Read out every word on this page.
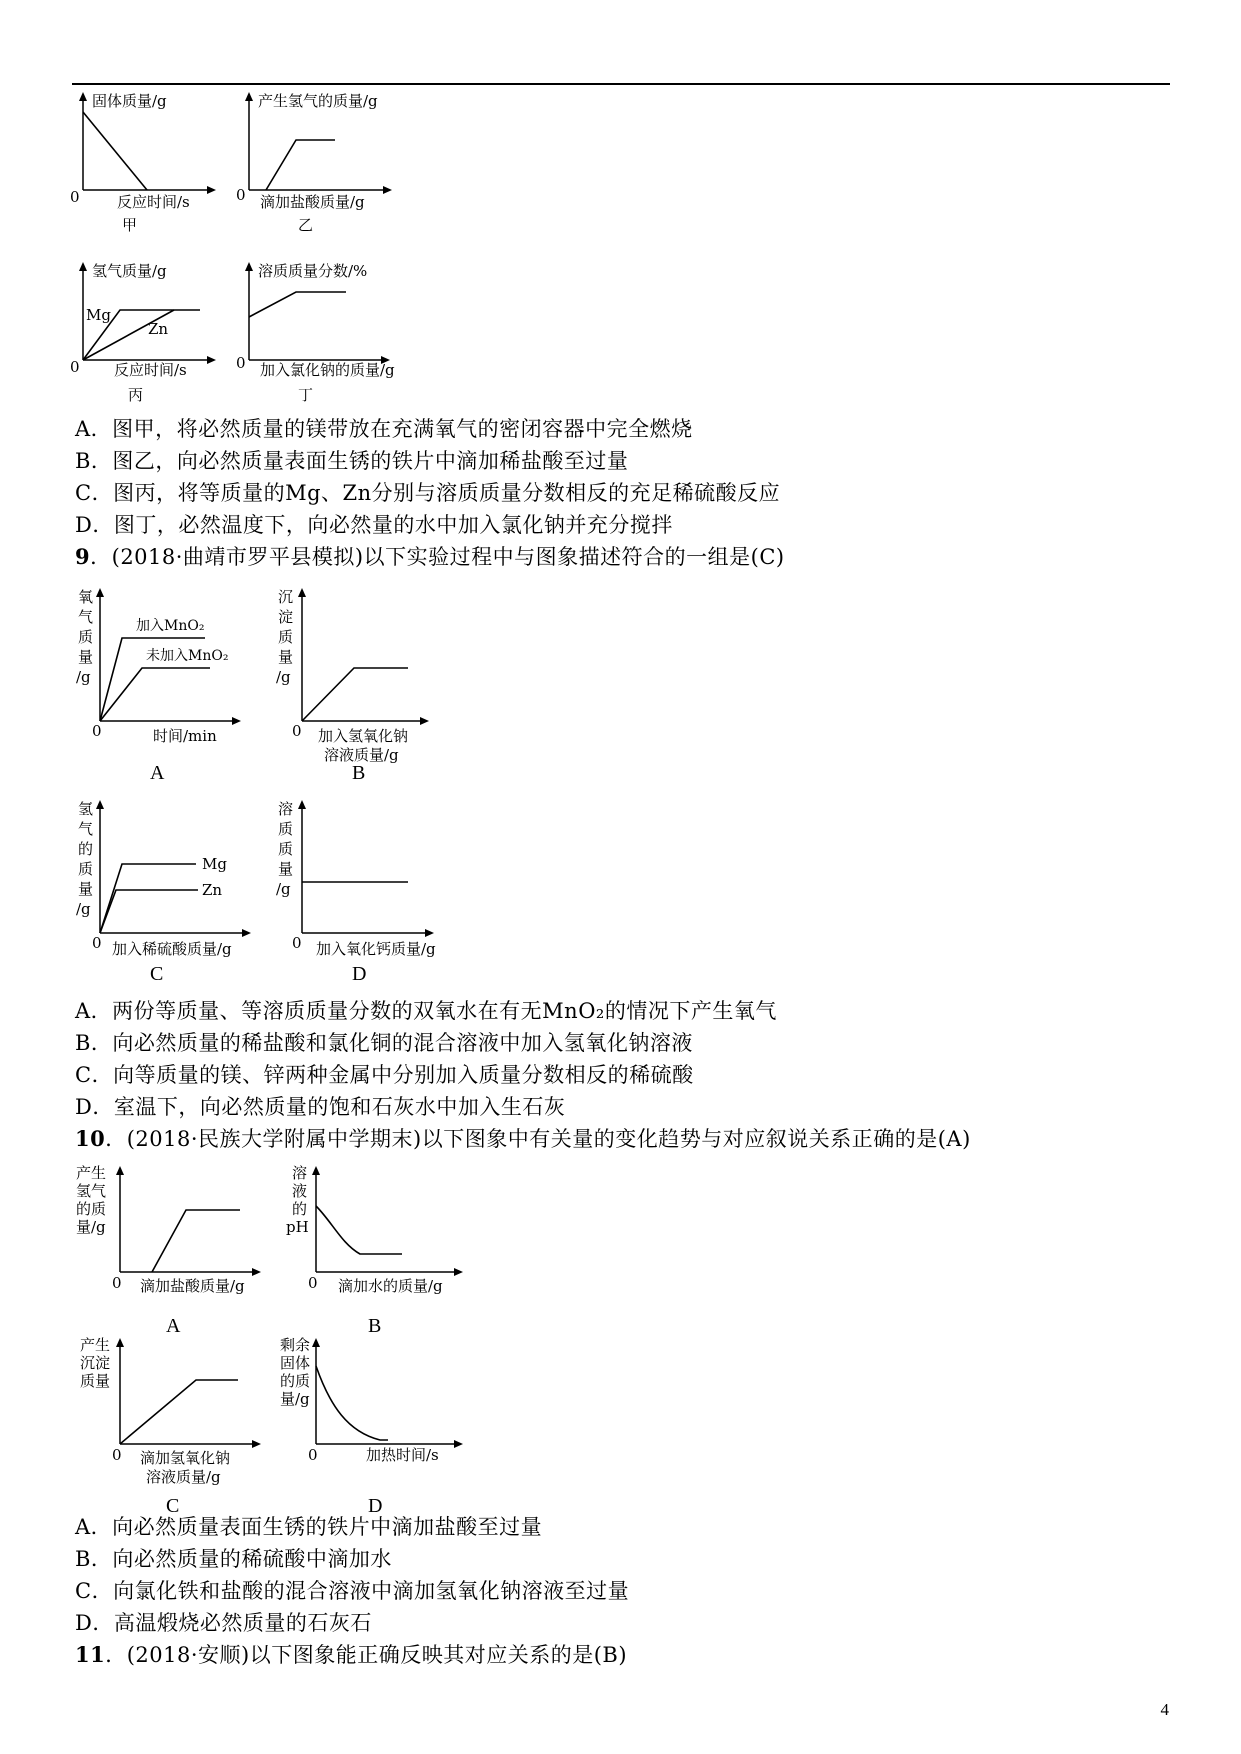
固体质量/g
0 反应时间/s
甲
产生氢气的质量/g
0 滴加盐酸质量/g
乙
氢气质量/g
Mg
Zn
0 反应时间/s
丙
溶质质量分数/%
0 加入氯化钠的质量/g
丁
A．图甲，将必然质量的镁带放在充满氧气的密闭容器中完全燃烧
B．图乙，向必然质量表面生锈的铁片中滴加稀盐酸至过量
C．图丙，将等质量的Mg、Zn分别与溶质质量分数相反的充足稀硫酸反应
D．图丁，必然温度下，向必然量的水中加入氯化钠并充分搅拌
9．(2018·曲靖市罗平县模拟)以下实验过程中与图象描述符合的一组是(C)
氧
气
质
量
/g
加入MnO₂
未加入MnO₂
0	时间/min
A
沉
淀
质
量
/g
0 加入氢氧化钠
溶液质量/g
B
氢
气
的
质
量
/g
Mg
Zn
0 加入稀硫酸质量/g
C
溶
质
质
量
/g
0 加入氧化钙质量/g
D
A．两份等质量、等溶质质量分数的双氧水在有无MnO₂的情况下产生氧气
B．向必然质量的稀盐酸和氯化铜的混合溶液中加入氢氧化钠溶液
C．向等质量的镁、锌两种金属中分别加入质量分数相反的稀硫酸
D．室温下，向必然质量的饱和石灰水中加入生石灰
10．(2018·民族大学附属中学期末)以下图象中有关量的变化趋势与对应叙说关系正确的是(A)
产生
氢气
的质
量/g
0 滴加盐酸质量/g
A
溶
液
的
pH
0 滴加水的质量/g
B
产生
沉淀
质量
0 滴加氢氧化钠
溶液质量/g
C
剩余
固体
的质
量/g
0	加热时间/s
D
A．向必然质量表面生锈的铁片中滴加盐酸至过量
B．向必然质量的稀硫酸中滴加水
C．向氯化铁和盐酸的混合溶液中滴加氢氧化钠溶液至过量
D．高温煅烧必然质量的石灰石
11．(2018·安顺)以下图象能正确反映其对应关系的是(B)
4
